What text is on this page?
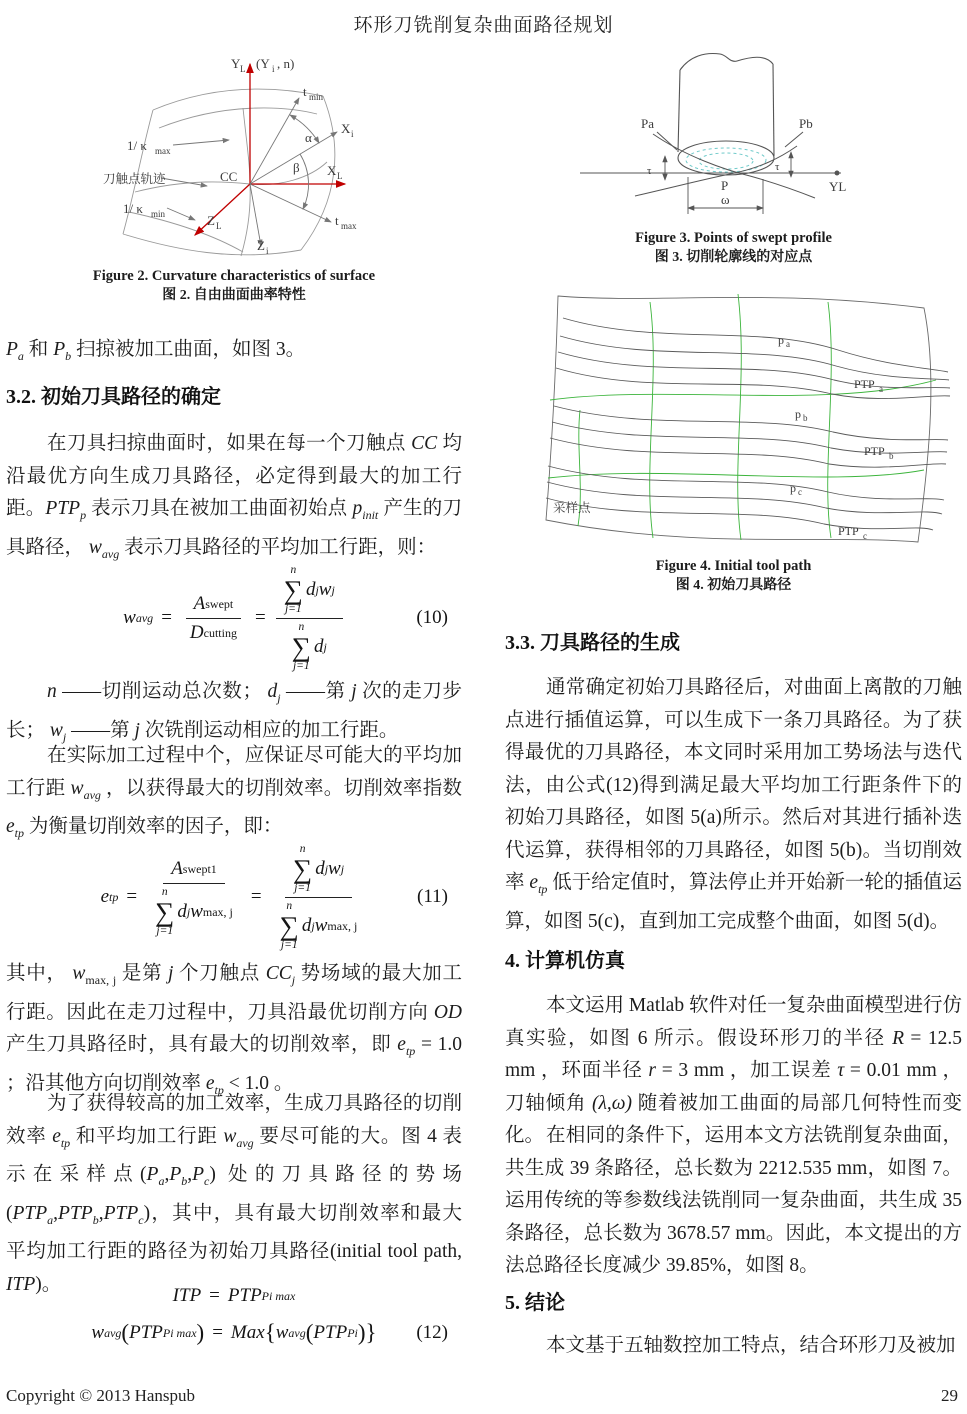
环形刀铣削复杂曲面路径规划
Y L (Y i , n)
t min
α
X i
β X L
CC
Z L
Z i
t max
1/ κ max
刀触点轨迹
1/ κ min
Pa	Pb
τ	τ
P
ω
YL
p a
PTP a
p b
PTP b
p c
PTP c
采样点
Figure 2. Curvature characteristics of surface
图 2. 自由曲面曲率特性

$P_a$ 和 $P_b$ 扫掠被加工曲面，如图 3。

3.2. 初始刀具路径的确定

在刀具扫掠曲面时，如果在每一个刀触点 CC 均沿最优方向生成刀具路径，必定得到最大的加工行距。$PTP_p$ 表示刀具在被加工曲面初始点 $p_{init}$ 产生的刀具路径， $w_{avg}$ 表示刀具路径的平均加工行距，则：

w avg = $\frac{\text{A swept}}{\text{D cutting}} = n$
∑
j=1
d j w j
n
∑
j=1
d j	(10)

n ——切削运动总次数； $d_j$ ——第 j 次的走刀步长； $w_j$ ——第 j 次铣削运动相应的加工行距。

在实际加工过程中个，应保证尽可能大的平均加工行距 $w_{avg}$ ，以获得最大的切削效率。切削效率指数 $e_{tp}$ 为衡量切削效率的因子，即：

e tp = A swept1
n
∑
j=1
d j w max, j = n
∑
j=1
d j w j
n
∑
j=1
d j w max, j	(11)

其中， $w_{max, j}$ 是第 j 个刀触点 $CC_j$ 势场域的最大加工行距。因此在走刀过程中，刀具沿最优切削方向 OD 产生刀具路径时，具有最大的切削效率，即 $e_{tp} = 1.0$ ；沿其他方向切削效率 $e_{tp} < 1.0$ 。

为了获得较高的加工效率，生成刀具路径的切削效率 $e_{tp}$ 和平均加工行距 $w_{avg}$ 要尽可能的大。图 4 表示在采样点$(P_a,P_b,P_c)$ 处的刀具路径的势场$(PTP_a,PTP_b,PTP_c)$，其中，具有最大切削效率和最大平均加工行距的路径为初始刀具路径(initial tool path, ITP)。

ITP = PTP Pi max
w avg ( PTP Pi max ) = Max { w avg ( PTP Pi ) } (12)
Figure 3. Points of swept profile
图 3. 切削轮廓线的对应点
Figure 4. Initial tool path
图 4. 初始刀具路径
3.3. 刀具路径的生成

通常确定初始刀具路径后，对曲面上离散的刀触点进行插值运算，可以生成下一条刀具路径。为了获得最优的刀具路径，本文同时采用加工势场法与迭代法，由公式(12)得到满足最大平均加工行距条件下的初始刀具路径，如图 5(a)所示。然后对其进行插补迭代运算，获得相邻的刀具路径，如图 5(b)。当切削效率 $e_{tp}$ 低于给定值时，算法停止并开始新一轮的插值运算，如图 5(c)，直到加工完成整个曲面，如图 5(d)。

4. 计算机仿真

本文运用 Matlab 软件对任一复杂曲面模型进行仿真实验，如图 6 所示。假设环形刀的半径 R = 12.5 mm ，环面半径 r = 3 mm ，加工误差 τ = 0.01 mm ，刀轴倾角 (λ,ω) 随着被加工曲面的局部几何特性而变化。 在相同的条件下，运用本文方法铣削复杂曲面，共生成 39 条路径，总长数为 2212.535 mm，如图 7。运用传统的等参数线法铣削同一复杂曲面，共生成 35 条路径，总长数为 3678.57 mm。因此，本文提出的方法总路径长度减少 39.85%，如图 8。

5. 结论

本文基于五轴数控加工特点，结合环形刀及被加

Copyright © 2013 Hanspub	29
